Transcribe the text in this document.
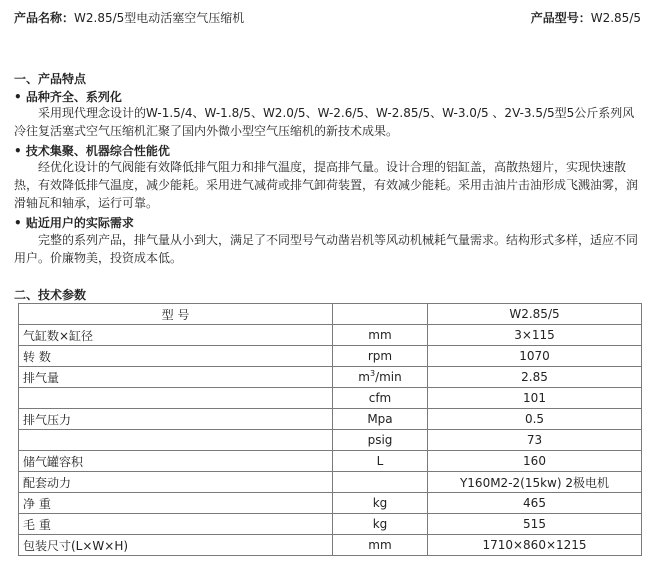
产品名称：W2.85/5型电动活塞空气压缩机	产品型号：W2.85/5
一、产品特点
• 品种齐全、系列化
采用现代理念设计的W-1.5/4、W-1.8/5、W2.0/5、W-2.6/5、W-2.85/5、W-3.0/5 、2V-3.5/5型5公斤系列风冷往复活塞式空气压缩机汇聚了国内外微小型空气压缩机的新技术成果。
• 技术集聚、机器综合性能优
经优化设计的气阀能有效降低排气阻力和排气温度，提高排气量。设计合理的铝缸盖，高散热翅片，实现快速散热，有效降低排气温度，减少能耗。采用进气减荷或排气卸荷装置，有效减少能耗。采用击油片击油形成飞溅油雾，润滑轴瓦和轴承，运行可靠。
• 贴近用户的实际需求
完整的系列产品，排气量从小到大，满足了不同型号气动凿岩机等风动机械耗气量需求。结构形式多样，适应不同用户。价廉物美，投资成本低。
二、技术参数
型 号		W2.85/5
气缸数×缸径	mm	3×115
转 数	rpm	1070
排气量	$m^3/\min$	2.85
	cfm	101
排气压力	Mpa	0.5
	psig	73
储气罐容积	L	160
配套动力		Y160M2-2(15kw) 2极电机
净 重	kg	465
毛 重	kg	515
包装尺寸(L×W×H)	mm	1710×860×1215
